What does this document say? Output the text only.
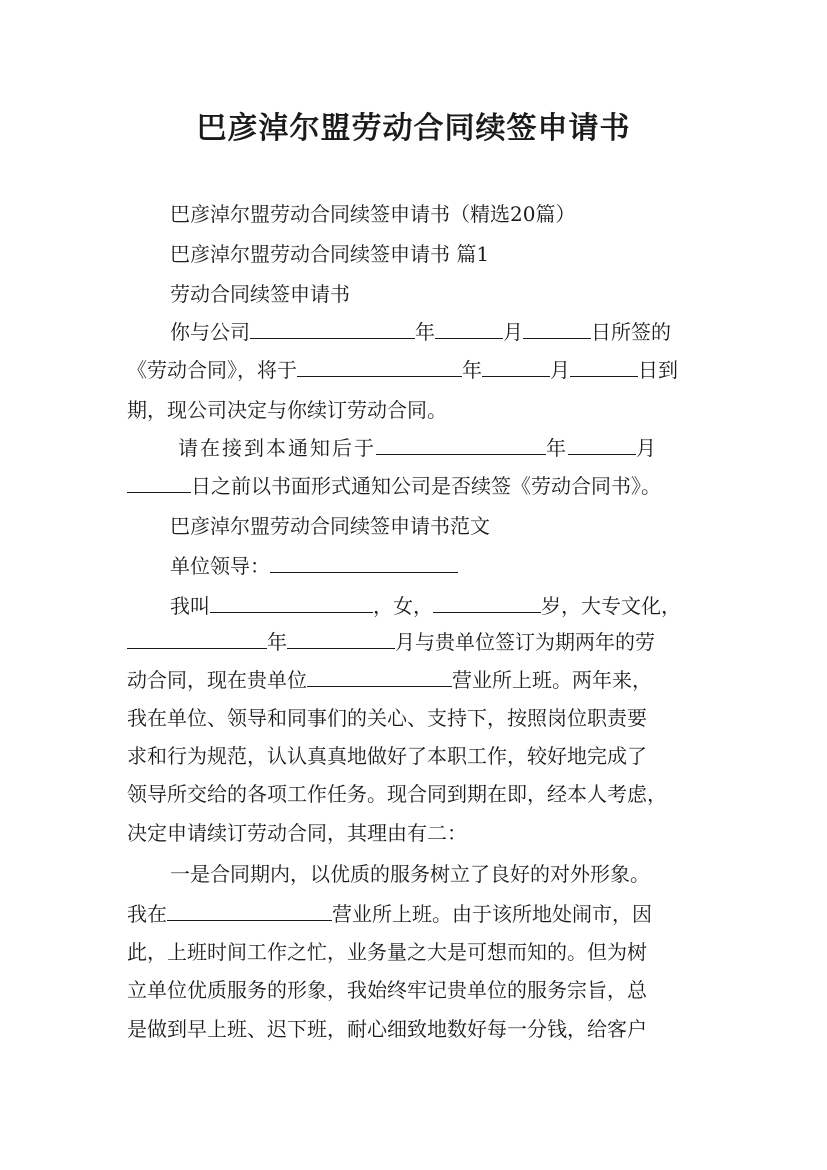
巴彦淖尔盟劳动合同续签申请书
巴彦淖尔盟劳动合同续签申请书（精选20篇）
巴彦淖尔盟劳动合同续签申请书 篇1
劳动合同续签申请书
你与公司	年	月	日所签的
《劳动合同》，将于	年	月	日到
期，现公司决定与你续订劳动合同。
请在接到本通知后于	年	月
日之前以书面形式通知公司是否续签《劳动合同书》。
巴彦淖尔盟劳动合同续签申请书范文
单位领导：
我叫	，女，	岁，大专文化，
年	月与贵单位签订为期两年的劳
动合同，现在贵单位	营业所上班。两年来，
我在单位、领导和同事们的关心、支持下，按照岗位职责要
求和行为规范，认认真真地做好了本职工作，较好地完成了
领导所交给的各项工作任务。现合同到期在即，经本人考虑，
决定申请续订劳动合同，其理由有二：
一是合同期内，以优质的服务树立了良好的对外形象。
我在	营业所上班。由于该所地处闹市，因
此，上班时间工作之忙，业务量之大是可想而知的。但为树
立单位优质服务的形象，我始终牢记贵单位的服务宗旨，总
是做到早上班、迟下班，耐心细致地数好每一分钱，给客户
